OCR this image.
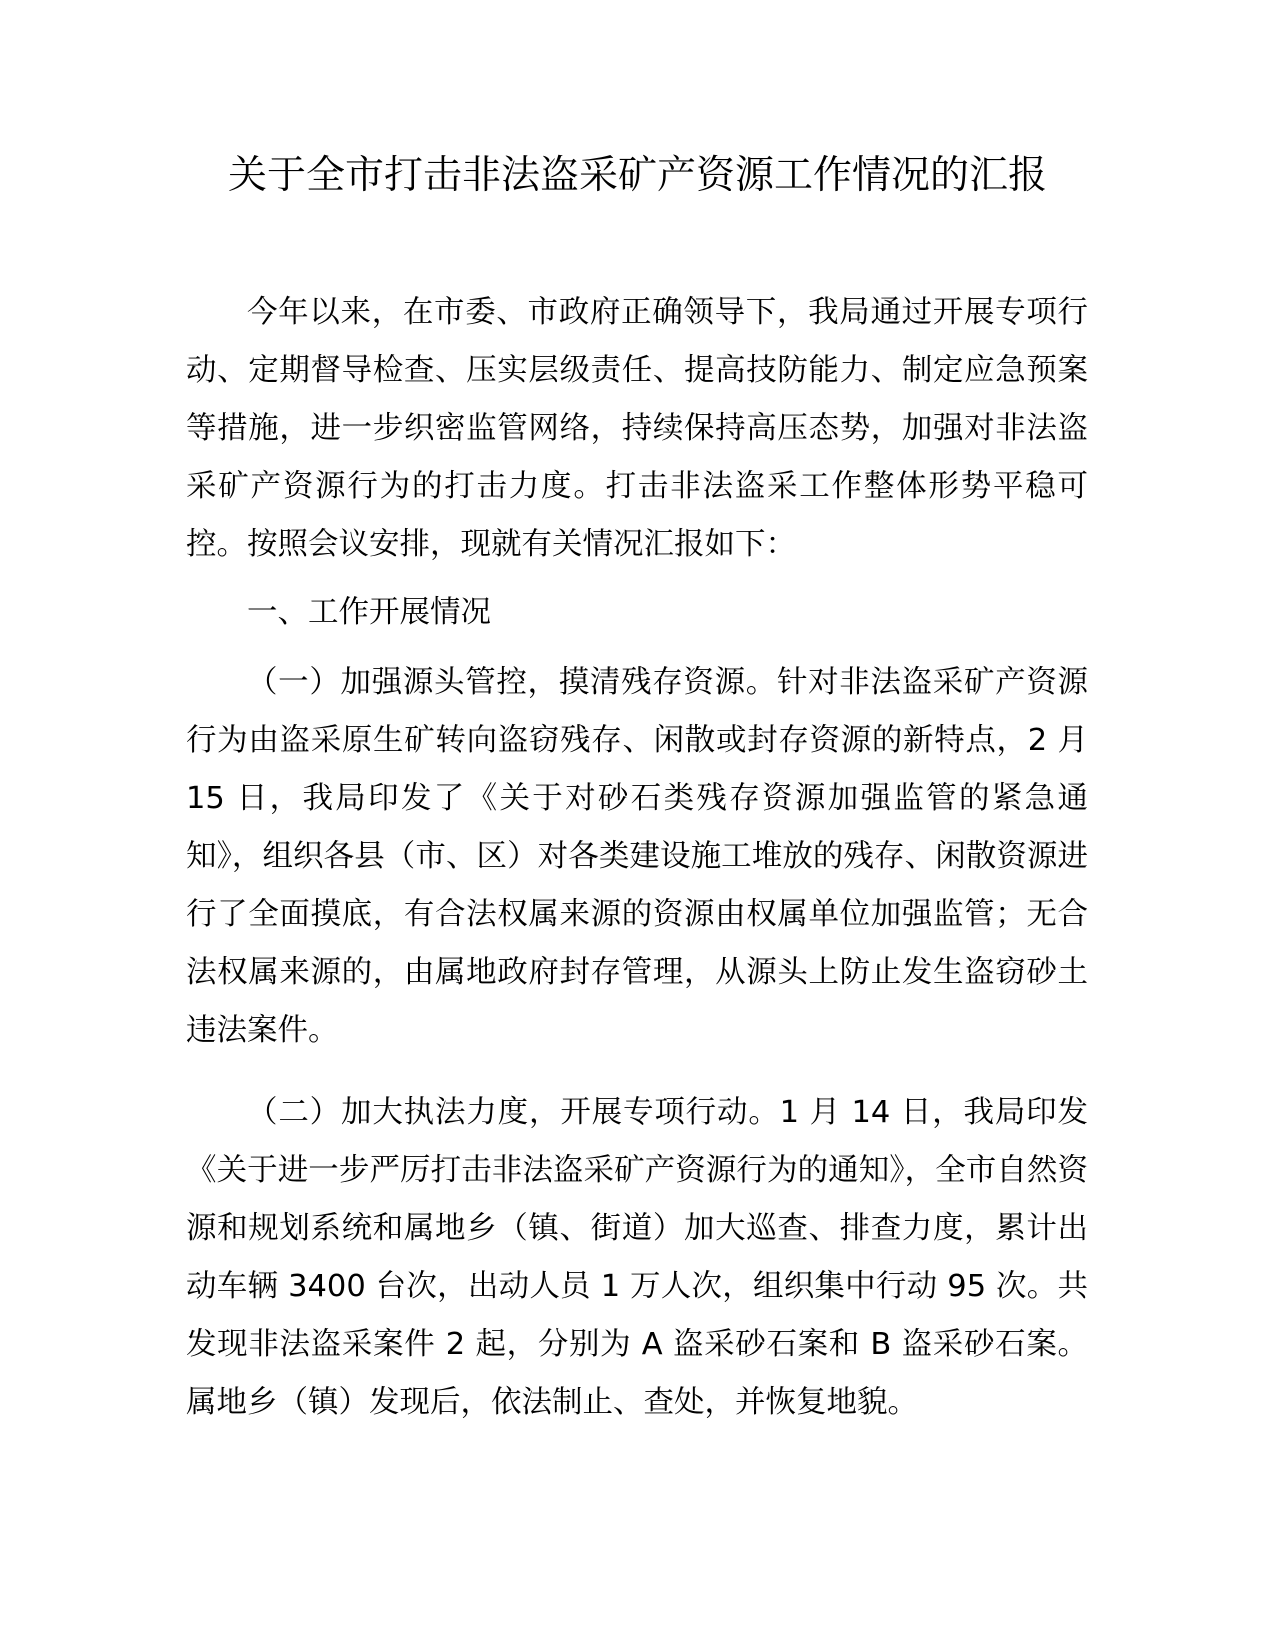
关于全市打击非法盗采矿产资源工作情况的汇报

今年以来，在市委、市政府正确领导下，我局通过开展专项行动、定期督导检查、压实层级责任、提高技防能力、制定应急预案等措施，进一步织密监管网络，持续保持高压态势，加强对非法盗采矿产资源行为的打击力度。打击非法盗采工作整体形势平稳可控。按照会议安排，现就有关情况汇报如下：

一、工作开展情况

（一）加强源头管控，摸清残存资源。针对非法盗采矿产资源行为由盗采原生矿转向盗窃残存、闲散或封存资源的新特点，2 月 15 日，我局印发了《关于对砂石类残存资源加强监管的紧急通知》，组织各县（市、区）对各类建设施工堆放的残存、闲散资源进行了全面摸底，有合法权属来源的资源由权属单位加强监管；无合法权属来源的，由属地政府封存管理，从源头上防止发生盗窃砂土违法案件。

（二）加大执法力度，开展专项行动。1 月 14 日，我局印发《关于进一步严厉打击非法盗采矿产资源行为的通知》，全市自然资源和规划系统和属地乡（镇、街道）加大巡查、排查力度，累计出动车辆 3400 台次，出动人员 1 万人次，组织集中行动 95 次。共发现非法盗采案件 2 起，分别为 A 盗采砂石案和 B 盗采砂石案。属地乡（镇）发现后，依法制止、查处，并恢复地貌。
